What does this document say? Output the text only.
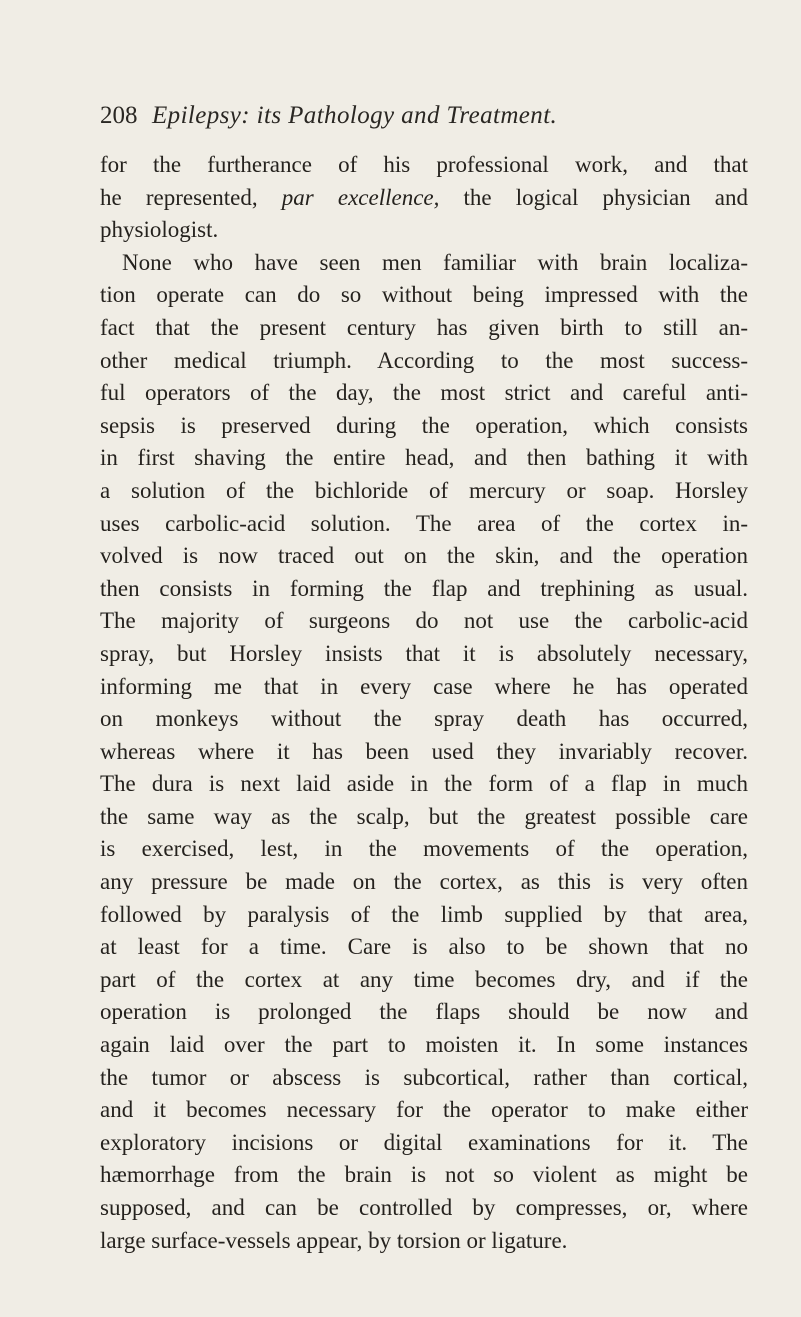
208 Epilepsy: its Pathology and Treatment.
for the furtherance of his professional work, and that
he represented, par excellence, the logical physician and
physiologist.
None who have seen men familiar with brain localiza-
tion operate can do so without being impressed with the
fact that the present century has given birth to still an-
other medical triumph. According to the most success-
ful operators of the day, the most strict and careful anti-
sepsis is preserved during the operation, which consists
in first shaving the entire head, and then bathing it with
a solution of the bichloride of mercury or soap. Horsley
uses carbolic-acid solution. The area of the cortex in-
volved is now traced out on the skin, and the operation
then consists in forming the flap and trephining as usual.
The majority of surgeons do not use the carbolic-acid
spray, but Horsley insists that it is absolutely necessary,
informing me that in every case where he has operated
on monkeys without the spray death has occurred,
whereas where it has been used they invariably recover.
The dura is next laid aside in the form of a flap in much
the same way as the scalp, but the greatest possible care
is exercised, lest, in the movements of the operation,
any pressure be made on the cortex, as this is very often
followed by paralysis of the limb supplied by that area,
at least for a time. Care is also to be shown that no
part of the cortex at any time becomes dry, and if the
operation is prolonged the flaps should be now and
again laid over the part to moisten it. In some instances
the tumor or abscess is subcortical, rather than cortical,
and it becomes necessary for the operator to make either
exploratory incisions or digital examinations for it. The
hæmorrhage from the brain is not so violent as might be
supposed, and can be controlled by compresses, or, where
large surface-vessels appear, by torsion or ligature.
